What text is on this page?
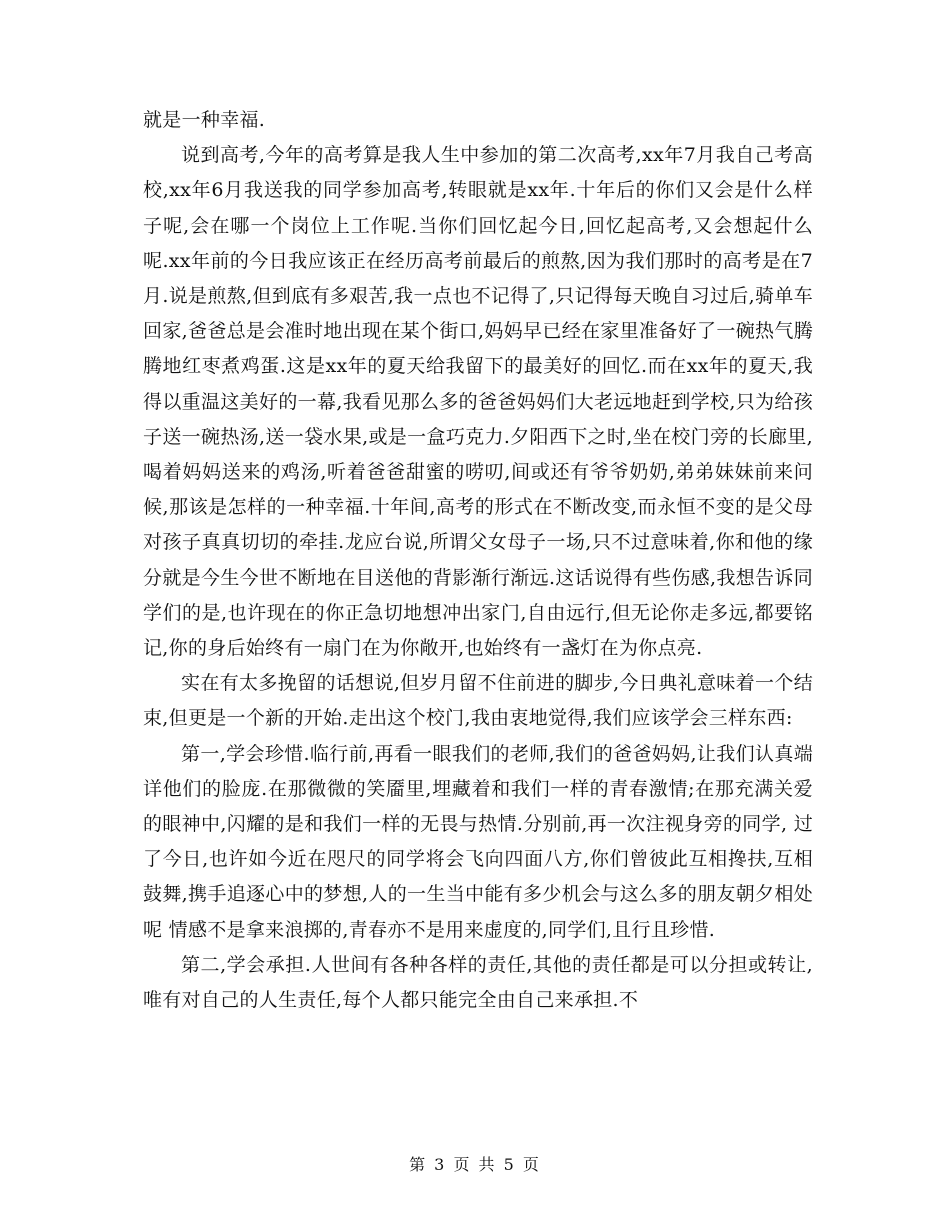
就是一种幸福.

说到高考,今年的高考算是我人生中参加的第二次高考,xx年7月我自己考高校,xx年6月我送我的同学参加高考,转眼就是xx年.十年后的你们又会是什么样子呢,会在哪一个岗位上工作呢.当你们回忆起今日,回忆起高考,又会想起什么呢.xx年前的今日我应该正在经历高考前最后的煎熬,因为我们那时的高考是在7月.说是煎熬,但到底有多艰苦,我一点也不记得了,只记得每天晚自习过后,骑单车回家,爸爸总是会准时地出现在某个街口,妈妈早已经在家里准备好了一碗热气腾腾地红枣煮鸡蛋.这是xx年的夏天给我留下的最美好的回忆.而在xx年的夏天,我得以重温这美好的一幕,我看见那么多的爸爸妈妈们大老远地赶到学校,只为给孩子送一碗热汤,送一袋水果,或是一盒巧克力.夕阳西下之时,坐在校门旁的长廊里,喝着妈妈送来的鸡汤,听着爸爸甜蜜的唠叨,间或还有爷爷奶奶,弟弟妹妹前来问候,那该是怎样的一种幸福.十年间,高考的形式在不断改变,而永恒不变的是父母对孩子真真切切的牵挂.龙应台说,所谓父女母子一场,只不过意味着,你和他的缘分就是今生今世不断地在目送他的背影渐行渐远.这话说得有些伤感,我想告诉同学们的是,也许现在的你正急切地想冲出家门,自由远行,但无论你走多远,都要铭记,你的身后始终有一扇门在为你敞开,也始终有一盏灯在为你点亮.

实在有太多挽留的话想说,但岁月留不住前进的脚步,今日典礼意味着一个结束,但更是一个新的开始.走出这个校门,我由衷地觉得,我们应该学会三样东西:

第一,学会珍惜.临行前,再看一眼我们的老师,我们的爸爸妈妈,让我们认真端详他们的脸庞.在那微微的笑靥里,埋藏着和我们一样的青春激情;在那充满关爱的眼神中,闪耀的是和我们一样的无畏与热情.分别前,再一次注视身旁的同学, 过了今日,也许如今近在咫尺的同学将会飞向四面八方,你们曾彼此互相搀扶,互相鼓舞,携手追逐心中的梦想,人的一生当中能有多少机会与这么多的朋友朝夕相处呢 情感不是拿来浪掷的,青春亦不是用来虚度的,同学们,且行且珍惜.

第二,学会承担.人世间有各种各样的责任,其他的责任都是可以分担或转让,唯有对自己的人生责任,每个人都只能完全由自己来承担.不

第 3 页 共 5 页
